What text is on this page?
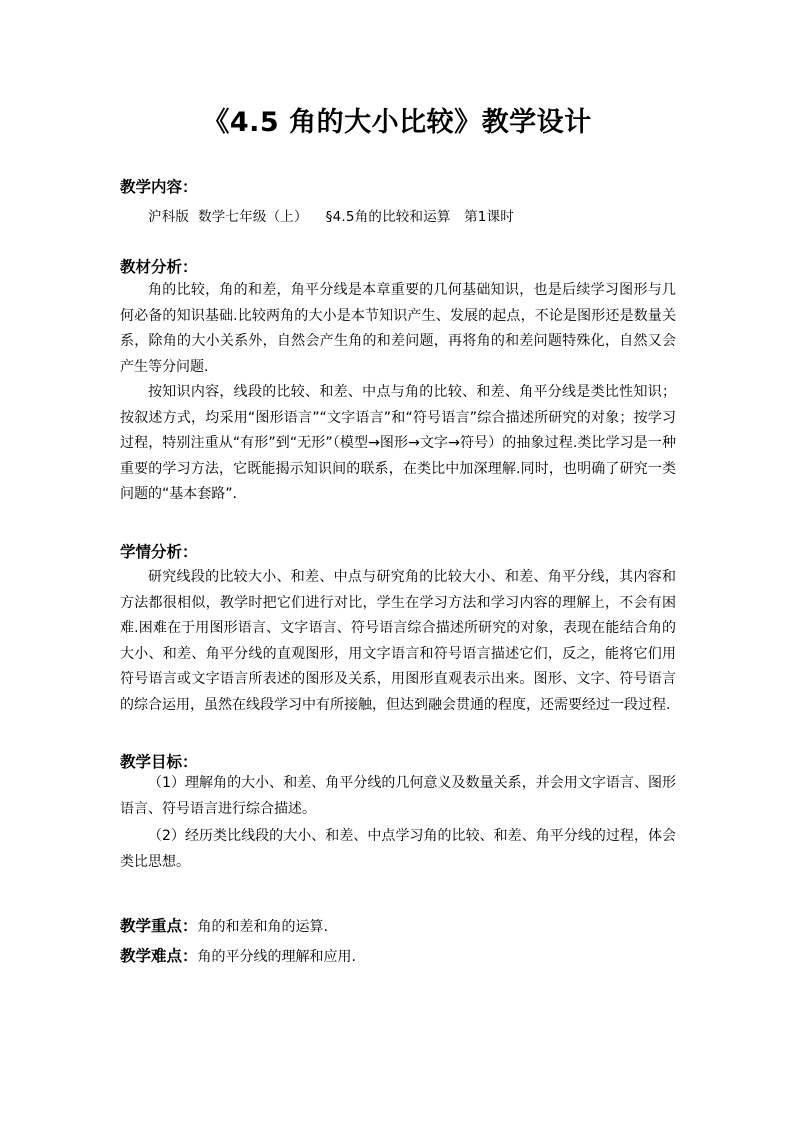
《4.5 角的大小比较》教学设计
教学内容：
沪科版 数学七年级（上） §4.5角的比较和运算 第1课时
教材分析：

角的比较，角的和差，角平分线是本章重要的几何基础知识，也是后续学习图形与几何必备的知识基础.比较两角的大小是本节知识产生、发展的起点，不论是图形还是数量关系，除角的大小关系外，自然会产生角的和差问题，再将角的和差问题特殊化，自然又会产生等分问题.

按知识内容，线段的比较、和差、中点与角的比较、和差、角平分线是类比性知识；按叙述方式，均采用“图形语言”“文字语言”和“符号语言”综合描述所研究的对象；按学习过程，特别注重从“有形”到“无形”（模型→图形→文字→符号）的抽象过程.类比学习是一种重要的学习方法，它既能揭示知识间的联系，在类比中加深理解.同时，也明确了研究一类问题的“基本套路”.

学情分析：

研究线段的比较大小、和差、中点与研究角的比较大小、和差、角平分线，其内容和方法都很相似，教学时把它们进行对比，学生在学习方法和学习内容的理解上，不会有困难.困难在于用图形语言、文字语言、符号语言综合描述所研究的对象，表现在能结合角的大小、和差、角平分线的直观图形，用文字语言和符号语言描述它们，反之，能将它们用符号语言或文字语言所表述的图形及关系，用图形直观表示出来。图形、文字、符号语言的综合运用，虽然在线段学习中有所接触，但达到融会贯通的程度，还需要经过一段过程.

教学目标：

（1）理解角的大小、和差、角平分线的几何意义及数量关系，并会用文字语言、图形语言、符号语言进行综合描述。

（2）经历类比线段的大小、和差、中点学习角的比较、和差、角平分线的过程，体会类比思想。

教学重点：角的和差和角的运算.
教学难点：角的平分线的理解和应用.
